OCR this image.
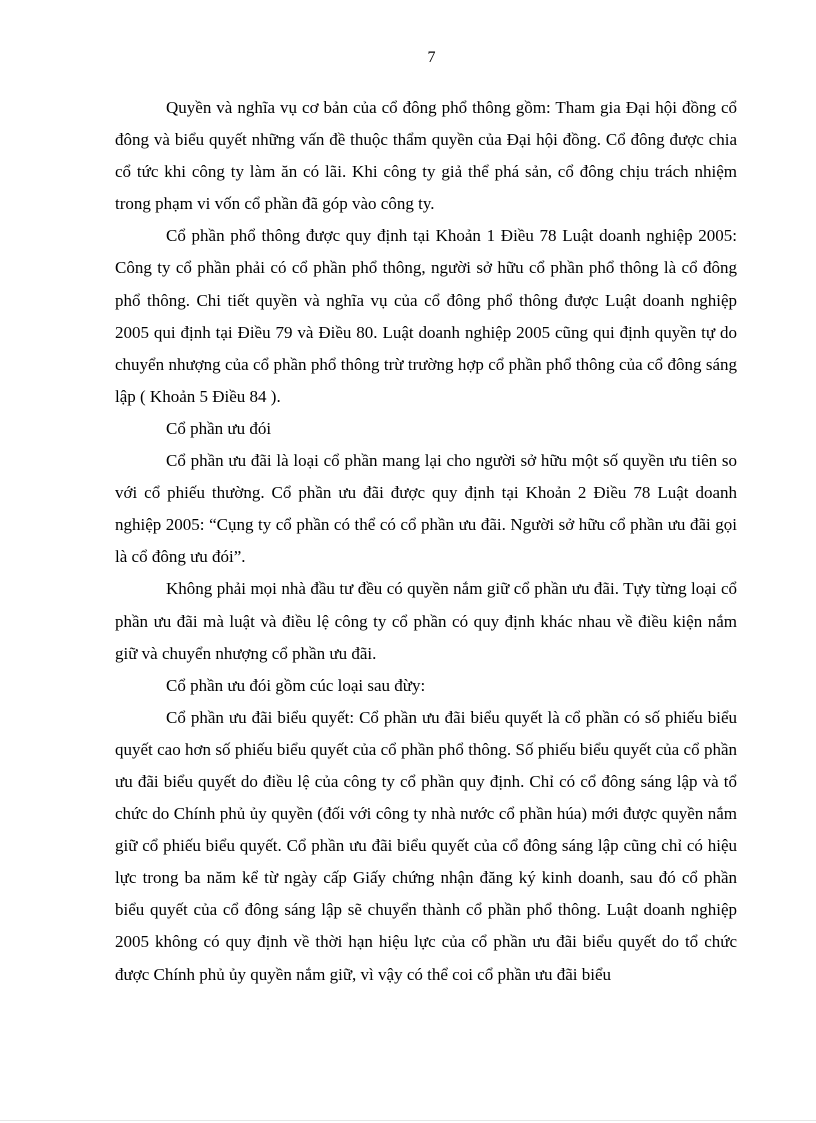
7

Quyền và nghĩa vụ cơ bản của cổ đông phổ thông gồm: Tham gia Đại hội đồng cổ đông và biểu quyết những vấn đề thuộc thẩm quyền của Đại hội đồng. Cổ đông được chia cổ tức khi công ty làm ăn có lãi. Khi công ty giả thể phá sản, cổ đông chịu trách nhiệm trong phạm vi vốn cổ phần đã góp vào công ty.

Cổ phần phổ thông được quy định tại Khoản 1 Điều 78 Luật doanh nghiệp 2005: Công ty cổ phần phải có cổ phần phổ thông, người sở hữu cổ phần phổ thông là cổ đông phổ thông. Chi tiết quyền và nghĩa vụ của cổ đông phổ thông được Luật doanh nghiệp 2005 qui định tại Điều 79 và Điều 80. Luật doanh nghiệp 2005 cũng qui định quyền tự do chuyển nhượng của cổ phần phổ thông trừ trường hợp cổ phần phổ thông của cổ đông sáng lập ( Khoản 5 Điều 84 ).

Cổ phần ưu đói

Cổ phần ưu đãi là loại cổ phần mang lại cho người sở hữu một số quyền ưu tiên so với cổ phiếu thường. Cổ phần ưu đãi được quy định tại Khoản 2 Điều 78 Luật doanh nghiệp 2005: “Cụng ty cổ phần có thể có cổ phần ưu đãi. Người sở hữu cổ phần ưu đãi gọi là cổ đông ưu đói”.

Không phải mọi nhà đầu tư đều có quyền nắm giữ cổ phần ưu đãi. Tựy từng loại cổ phần ưu đãi mà luật và điều lệ công ty cổ phần có quy định khác nhau về điều kiện nắm giữ và chuyển nhượng cổ phần ưu đãi.

Cổ phần ưu đói gồm cúc loại sau đừy:

Cổ phần ưu đãi biểu quyết: Cổ phần ưu đãi biểu quyết là cổ phần có số phiếu biểu quyết cao hơn số phiếu biểu quyết của cổ phần phổ thông. Số phiếu biểu quyết của cổ phần ưu đãi biểu quyết do điều lệ của công ty cổ phần quy định. Chỉ có cổ đông sáng lập và tổ chức do Chính phủ ủy quyền (đối với công ty nhà nước cổ phần húa) mới được quyền nắm giữ cổ phiếu biểu quyết. Cổ phần ưu đãi biểu quyết của cổ đông sáng lập cũng chỉ có hiệu lực trong ba năm kể từ ngày cấp Giấy chứng nhận đăng ký kinh doanh, sau đó cổ phần biểu quyết của cổ đông sáng lập sẽ chuyển thành cổ phần phổ thông. Luật doanh nghiệp 2005 không có quy định về thời hạn hiệu lực của cổ phần ưu đãi biểu quyết do tổ chức được Chính phủ ủy quyền nắm giữ, vì vậy có thể coi cổ phần ưu đãi biểu
